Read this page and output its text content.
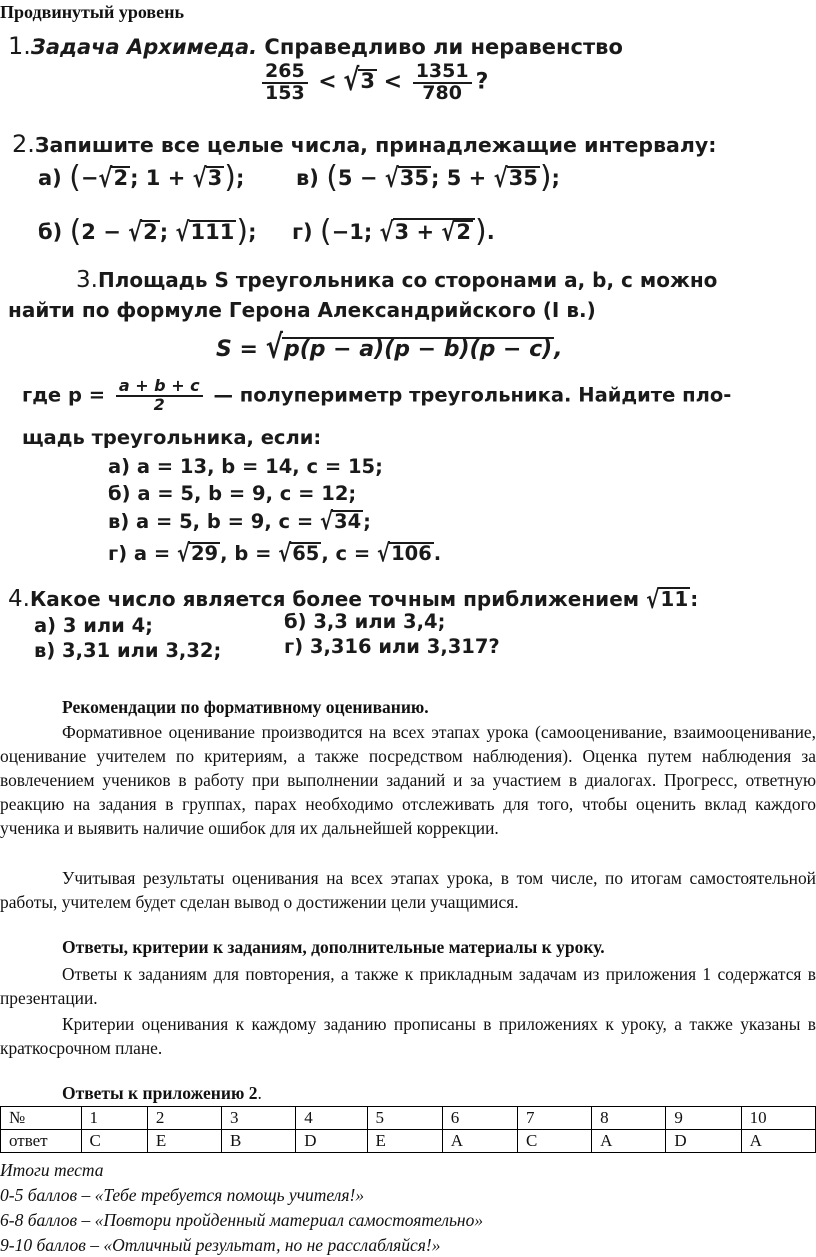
Продвинутый уровень
1.Задача Архимеда. Справедливо ли неравенство
$\frac{265}{153} < √3 < \frac{1351}{780}$ ?
2.Запишите все целые числа, принадлежащие интервалу:
а) (−√2; 1 + √3); в) (5 − √35; 5 + √35);
б) (2 − √2; √111); г) (−1; √3 + √2 ).
3.Площадь S треугольника со сторонами a, b, c можно
найти по формуле Герона Александрийского (I в.)
S = √p(p − a)(p − b)(p − c),
где $p = \frac{a + b + c}{2}$ — полупериметр треугольника. Найдите пло-
щадь треугольника, если:
а) a = 13, b = 14, c = 15;
б) a = 5, b = 9, c = 12;
в) a = 5, b = 9, c = √34 ;
г) a = √29 , b = √65 , c = √106 .
4.Какое число является более точным приближением √11 :
а) 3 или 4;	б) 3,3 или 3,4;
в) 3,31 или 3,32;	г) 3,316 или 3,317?
Рекомендации по формативному оцениванию.
Формативное оценивание производится на всех этапах урока (самооценивание, взаимооценивание, оценивание учителем по критериям, а также посредством наблюдения). Оценка путем наблюдения за вовлечением учеников в работу при выполнении заданий и за участием в диалогах. Прогресс, ответную реакцию на задания в группах, парах необходимо отслеживать для того, чтобы оценить вклад каждого ученика и выявить наличие ошибок для их дальнейшей коррекции.
Учитывая результаты оценивания на всех этапах урока, в том числе, по итогам самостоятельной работы, учителем будет сделан вывод о достижении цели учащимися.
Ответы, критерии к заданиям, дополнительные материалы к уроку.
Ответы к заданиям для повторения, а также к прикладным задачам из приложения 1 содержатся в презентации.
Критерии оценивания к каждому заданию прописаны в приложениях к уроку, а также указаны в краткосрочном плане.
Ответы к приложению 2.
№	1	2	3	4	5	6	7	8	9	10
ответ	С	Е	В	D	E	A	C	A	D	A
Итоги теста
0-5 баллов – «Тебе требуется помощь учителя!»
6-8 баллов – «Повтори пройденный материал самостоятельно»
9-10 баллов – «Отличный результат, но не расслабляйся!»
